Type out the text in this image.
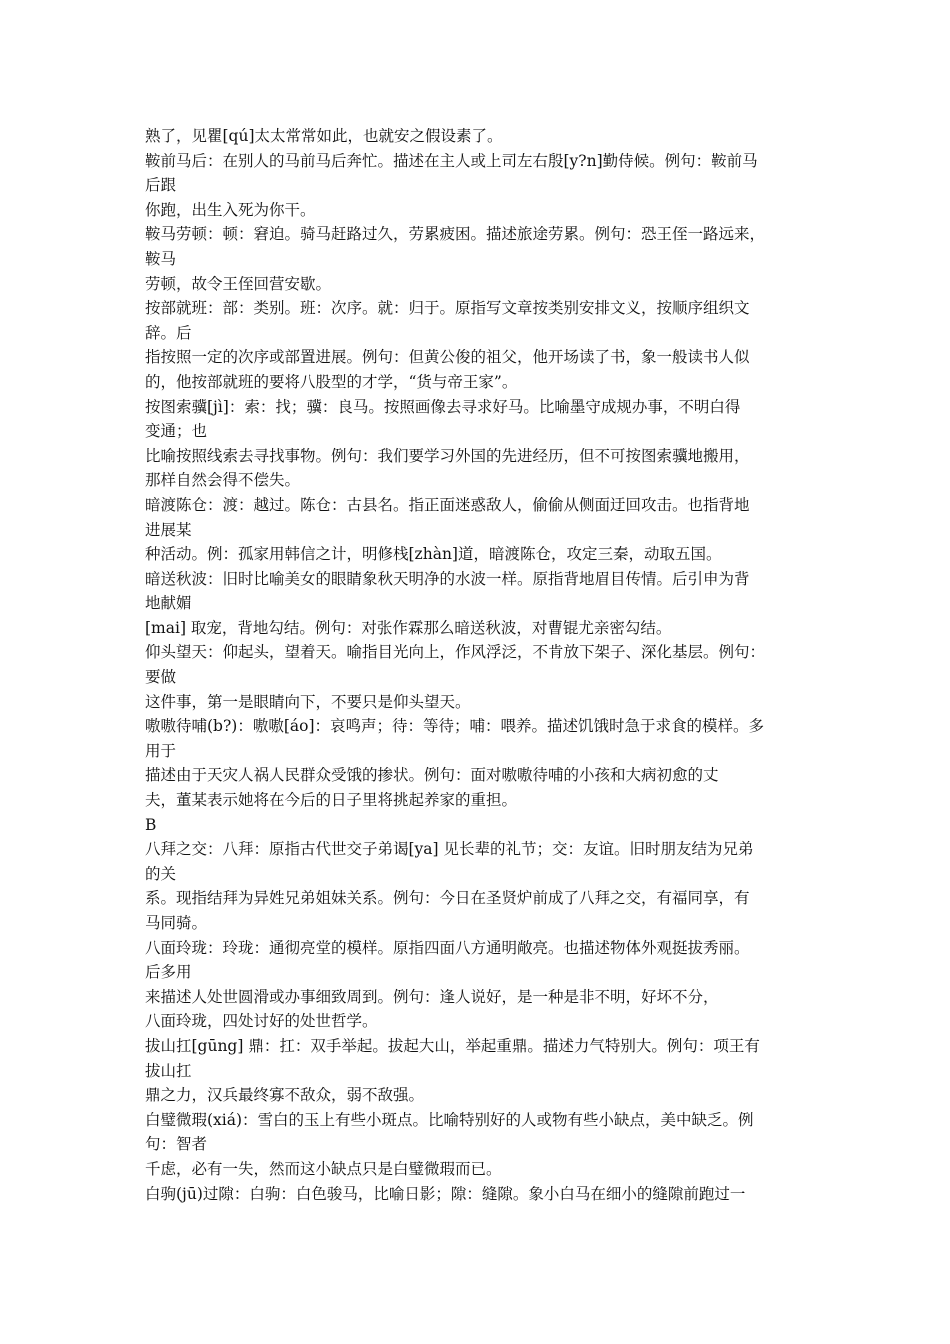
熟了，见瞿[qú]太太常常如此，也就安之假设素了。
鞍前马后：在别人的马前马后奔忙。描述在主人或上司左右殷[y?n]勤侍候。例句：鞍前马
后跟
你跑，出生入死为你干。
鞍马劳顿：顿：窘迫。骑马赶路过久，劳累疲困。描述旅途劳累。例句：恐王侄一路远来，
鞍马
劳顿，故令王侄回营安歇。
按部就班：部：类别。班：次序。就：归于。原指写文章按类别安排文义，按顺序组织文
辞。后
指按照一定的次序或部置进展。例句：但黄公俊的祖父，他开场读了书，象一般读书人似
的，他按部就班的要将八股型的才学，“货与帝王家”。
按图索骥[jì]：索：找；骥：良马。按照画像去寻求好马。比喻墨守成规办事，不明白得
变通；也
比喻按照线索去寻找事物。例句：我们要学习外国的先进经历，但不可按图索骥地搬用，
那样自然会得不偿失。
暗渡陈仓：渡：越过。陈仓：古县名。指正面迷惑敌人，偷偷从侧面迂回攻击。也指背地
进展某
种活动。例：孤家用韩信之计，明修栈[zhàn]道，暗渡陈仓，攻定三秦，动取五国。
暗送秋波：旧时比喻美女的眼睛象秋天明净的水波一样。原指背地眉目传情。后引申为背
地献媚
[mai] 取宠，背地勾结。例句：对张作霖那么暗送秋波，对曹锟尤亲密勾结。
仰头望天：仰起头，望着天。喻指目光向上，作风浮泛，不肯放下架子、深化基层。例句：
要做
这件事，第一是眼睛向下，不要只是仰头望天。
嗷嗷待哺(b?)：嗷嗷[áo]：哀鸣声；待：等待；哺：喂养。描述饥饿时急于求食的模样。多
用于
描述由于天灾人祸人民群众受饿的掺状。例句：面对嗷嗷待哺的小孩和大病初愈的丈
夫，董某表示她将在今后的日子里将挑起养家的重担。
B
八拜之交：八拜：原指古代世交子弟谒[ya] 见长辈的礼节；交：友谊。旧时朋友结为兄弟
的关
系。现指结拜为异姓兄弟姐妹关系。例句：今日在圣贤炉前成了八拜之交，有福同享，有
马同骑。
八面玲珑：玲珑：通彻亮堂的模样。原指四面八方通明敞亮。也描述物体外观挺拔秀丽。
后多用
来描述人处世圆滑或办事细致周到。例句：逢人说好，是一种是非不明，好坏不分，
八面玲珑，四处讨好的处世哲学。
拔山扛[gūng] 鼎：扛：双手举起。拔起大山，举起重鼎。描述力气特别大。例句：项王有
拔山扛
鼎之力，汉兵最终寡不敌众，弱不敌强。
白璧微瑕(xiá)：雪白的玉上有些小斑点。比喻特别好的人或物有些小缺点，美中缺乏。例
句：智者
千虑，必有一失，然而这小缺点只是白璧微瑕而已。
白驹(jū)过隙：白驹：白色骏马，比喻日影；隙：缝隙。象小白马在细小的缝隙前跑过一
